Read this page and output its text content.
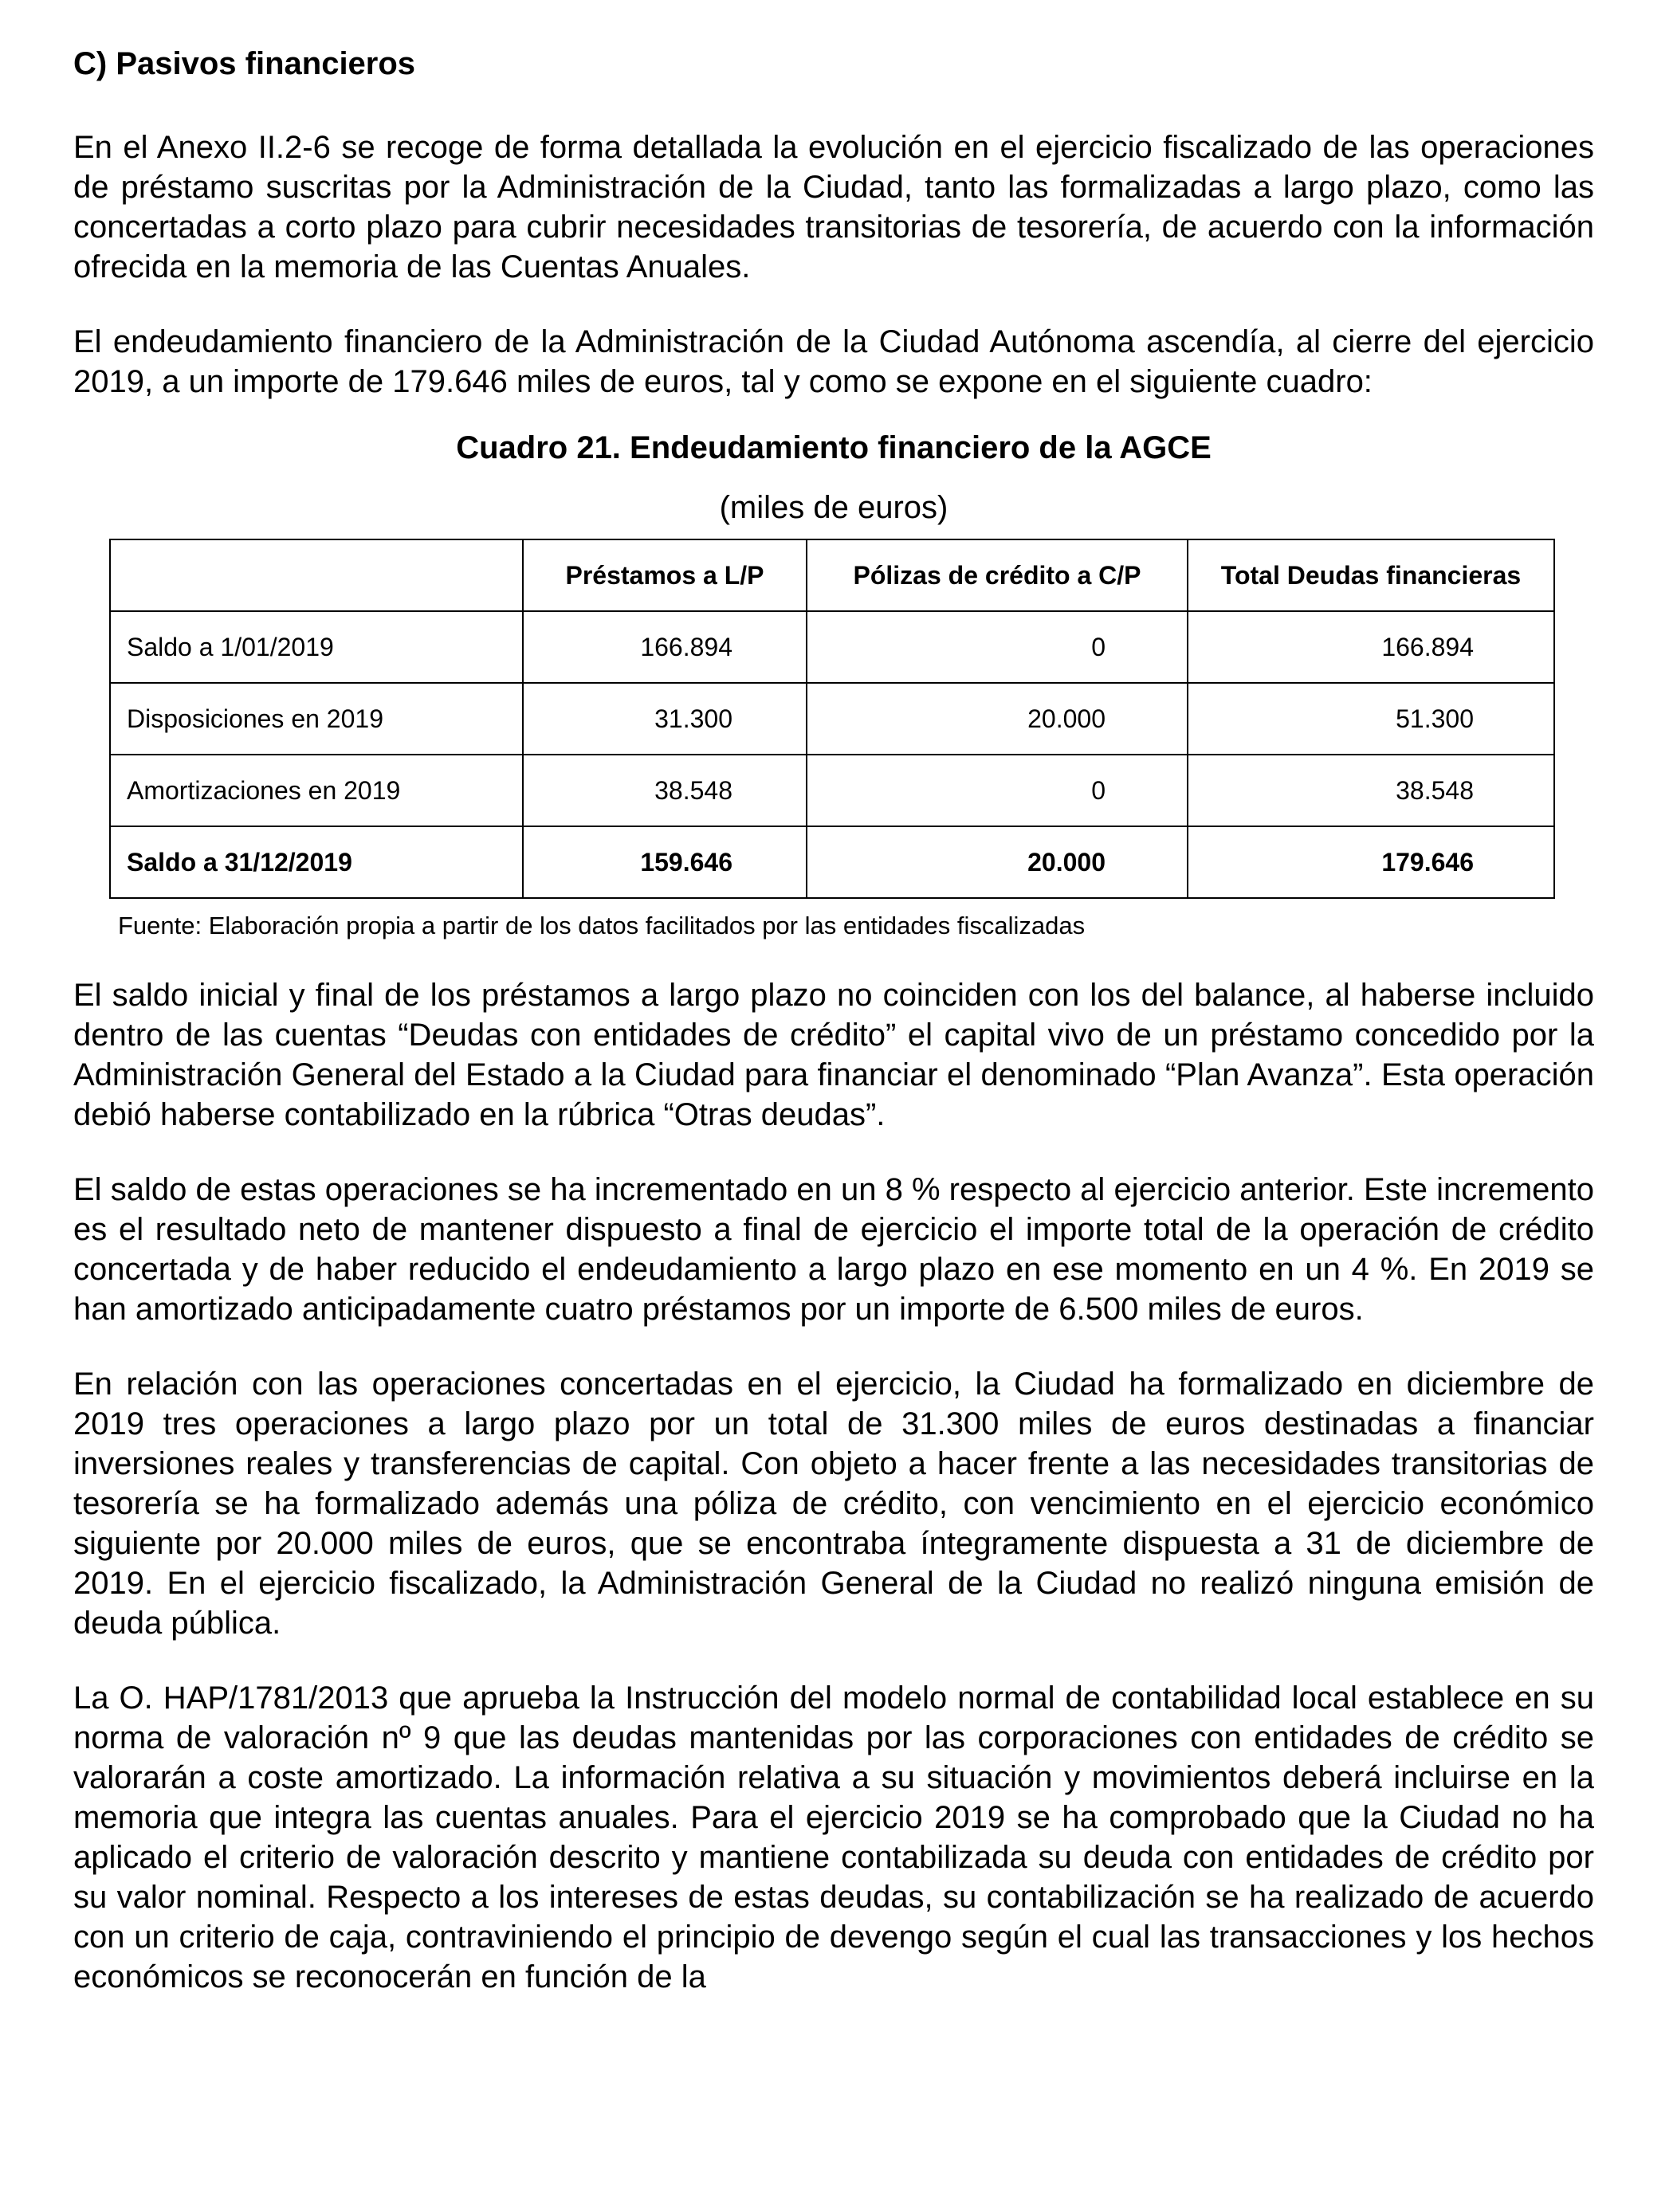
C) Pasivos financieros

En el Anexo II.2-6 se recoge de forma detallada la evolución en el ejercicio fiscalizado de las operaciones de préstamo suscritas por la Administración de la Ciudad, tanto las formalizadas a largo plazo, como las concertadas a corto plazo para cubrir necesidades transitorias de tesorería, de acuerdo con la información ofrecida en la memoria de las Cuentas Anuales.

El endeudamiento financiero de la Administración de la Ciudad Autónoma ascendía, al cierre del ejercicio 2019, a un importe de 179.646 miles de euros, tal y como se expone en el siguiente cuadro:

Cuadro 21. Endeudamiento financiero de la AGCE
(miles de euros)
	Préstamos a L/P	Pólizas de crédito a C/P	Total Deudas financieras
Saldo a 1/01/2019	166.894	0	166.894
Disposiciones en 2019	31.300	20.000	51.300
Amortizaciones en 2019	38.548	0	38.548
Saldo a 31/12/2019	159.646	20.000	179.646
Fuente: Elaboración propia a partir de los datos facilitados por las entidades fiscalizadas

El saldo inicial y final de los préstamos a largo plazo no coinciden con los del balance, al haberse incluido dentro de las cuentas “Deudas con entidades de crédito” el capital vivo de un préstamo concedido por la Administración General del Estado a la Ciudad para financiar el denominado “Plan Avanza”. Esta operación debió haberse contabilizado en la rúbrica “Otras deudas”.

El saldo de estas operaciones se ha incrementado en un 8 % respecto al ejercicio anterior. Este incremento es el resultado neto de mantener dispuesto a final de ejercicio el importe total de la operación de crédito concertada y de haber reducido el endeudamiento a largo plazo en ese momento en un 4 %. En 2019 se han amortizado anticipadamente cuatro préstamos por un importe de 6.500 miles de euros.

En relación con las operaciones concertadas en el ejercicio, la Ciudad ha formalizado en diciembre de 2019 tres operaciones a largo plazo por un total de 31.300 miles de euros destinadas a financiar inversiones reales y transferencias de capital. Con objeto a hacer frente a las necesidades transitorias de tesorería se ha formalizado además una póliza de crédito, con vencimiento en el ejercicio económico siguiente por 20.000 miles de euros, que se encontraba íntegramente dispuesta a 31 de diciembre de 2019. En el ejercicio fiscalizado, la Administración General de la Ciudad no realizó ninguna emisión de deuda pública.

La O. HAP/1781/2013 que aprueba la Instrucción del modelo normal de contabilidad local establece en su norma de valoración nº 9 que las deudas mantenidas por las corporaciones con entidades de crédito se valorarán a coste amortizado. La información relativa a su situación y movimientos deberá incluirse en la memoria que integra las cuentas anuales. Para el ejercicio 2019 se ha comprobado que la Ciudad no ha aplicado el criterio de valoración descrito y mantiene contabilizada su deuda con entidades de crédito por su valor nominal. Respecto a los intereses de estas deudas, su contabilización se ha realizado de acuerdo con un criterio de caja, contraviniendo el principio de devengo según el cual las transacciones y los hechos económicos se reconocerán en función de la
